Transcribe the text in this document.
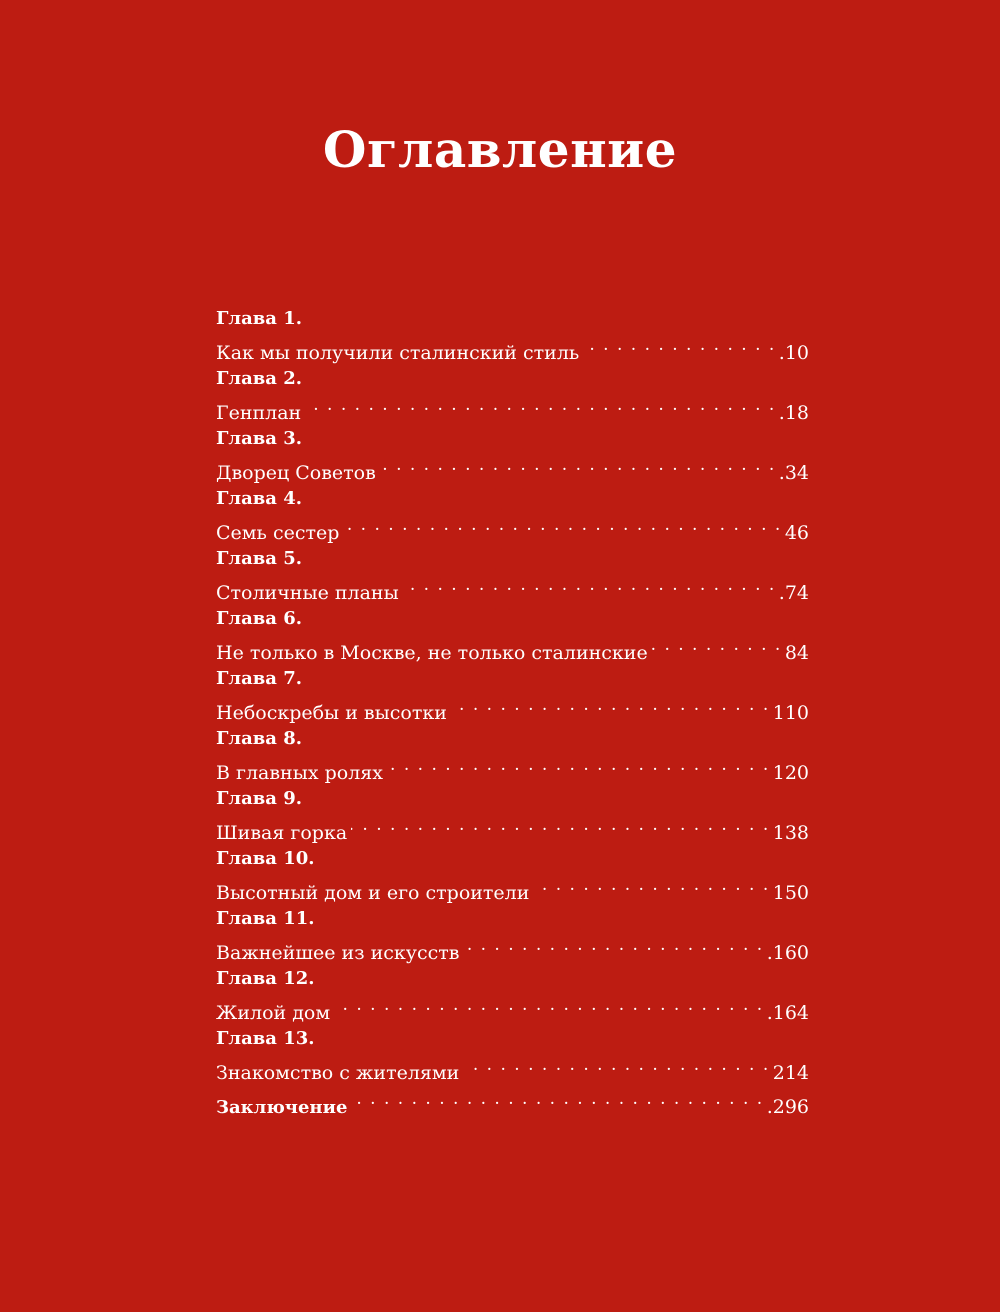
Оглавление
Глава 1.
Как мы получили сталинский стиль . . .	.10
Глава 2.
Генплан . . .	.18
Глава 3.
Дворец Советов . . .	.34
Глава 4.
Семь сестер . . .	46
Глава 5.
Столичные планы . . .	.74
Глава 6.
Не только в Москве, не только сталинские . . .	84
Глава 7.
Небоскребы и высотки . . .	110
Глава 8.
В главных ролях . . .	120
Глава 9.
Шивая горка . . .	138
Глава 10.
Высотный дом и его строители . . .	150
Глава 11.
Важнейшее из искусств . . .	.160
Глава 12.
Жилой дом . . .	.164
Глава 13.
Знакомство с жителями . . .	214
Заключение . . .	.296
